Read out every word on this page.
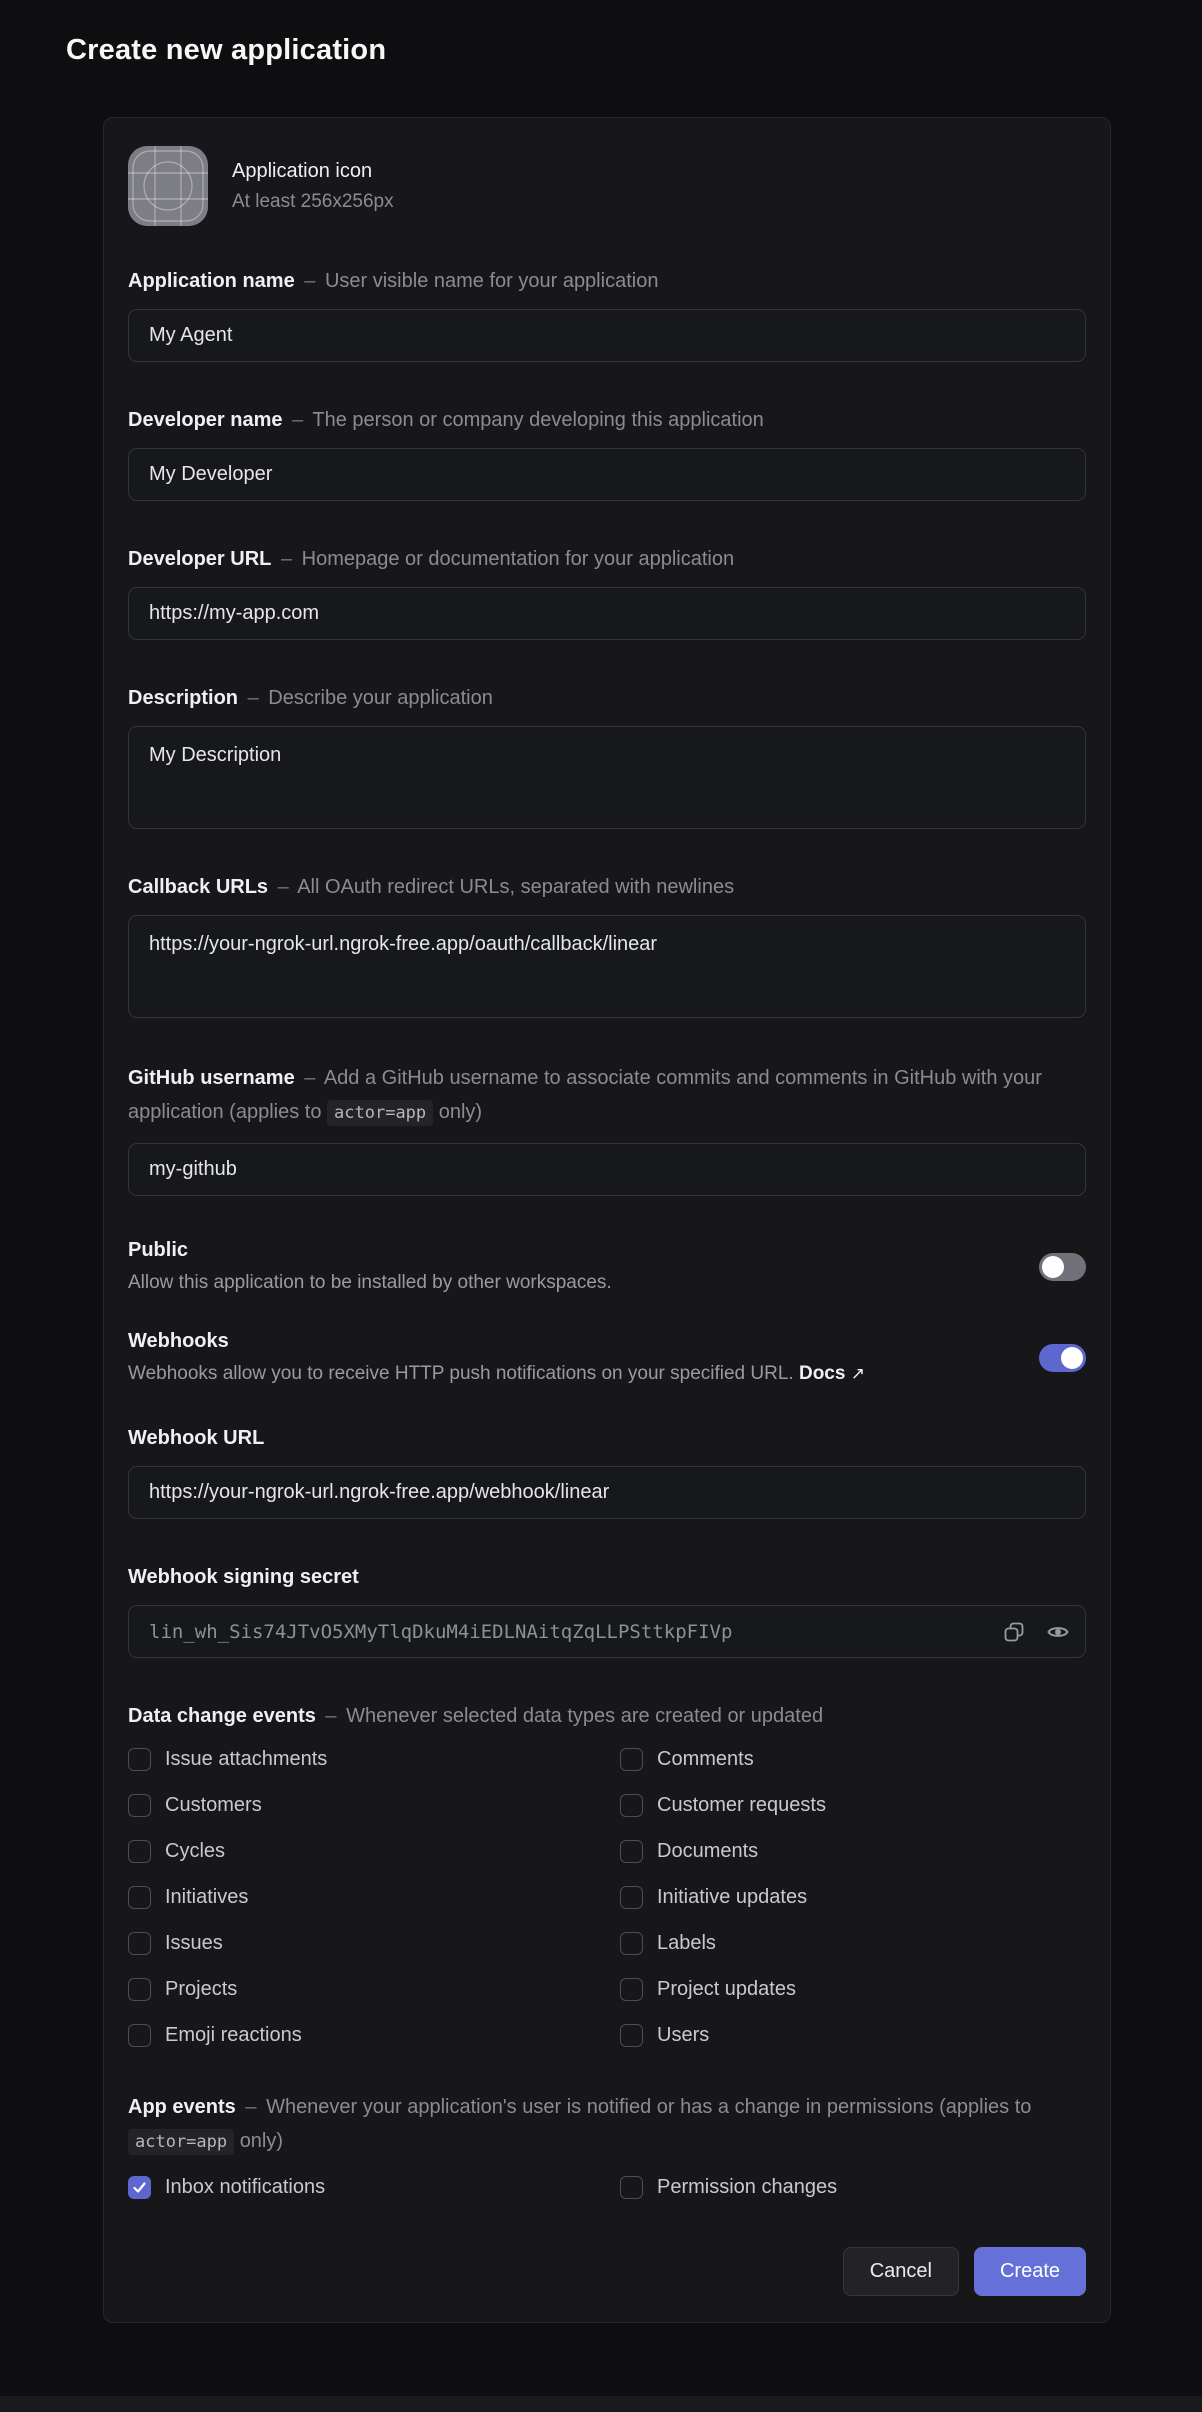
Create new application
Application icon
At least 256x256px
Application name – User visible name for your application
My Agent
Developer name – The person or company developing this application
My Developer
Developer URL – Homepage or documentation for your application
https://my-app.com
Description – Describe your application
My Description
Callback URLs – All OAuth redirect URLs, separated with newlines
https://your-ngrok-url.ngrok-free.app/oauth/callback/linear
GitHub username – Add a GitHub username to associate commits and comments in GitHub with your application (applies to actor=app only)
my-github
Public
Allow this application to be installed by other workspaces.
Webhooks
Webhooks allow you to receive HTTP push notifications on your specified URL. Docs ↗
Webhook URL
https://your-ngrok-url.ngrok-free.app/webhook/linear
Webhook signing secret
lin_wh_Sis74JTvO5XMyTlqDkuM4iEDLNAitqZqLLPSttkpFIVp
Data change events – Whenever selected data types are created or updated
Issue attachments	Comments
Customers	Customer requests
Cycles	Documents
Initiatives	Initiative updates
Issues	Labels
Projects	Project updates
Emoji reactions	Users
App events – Whenever your application's user is notified or has a change in permissions (applies to actor=app only)
Inbox notifications	Permission changes
Cancel	Create
